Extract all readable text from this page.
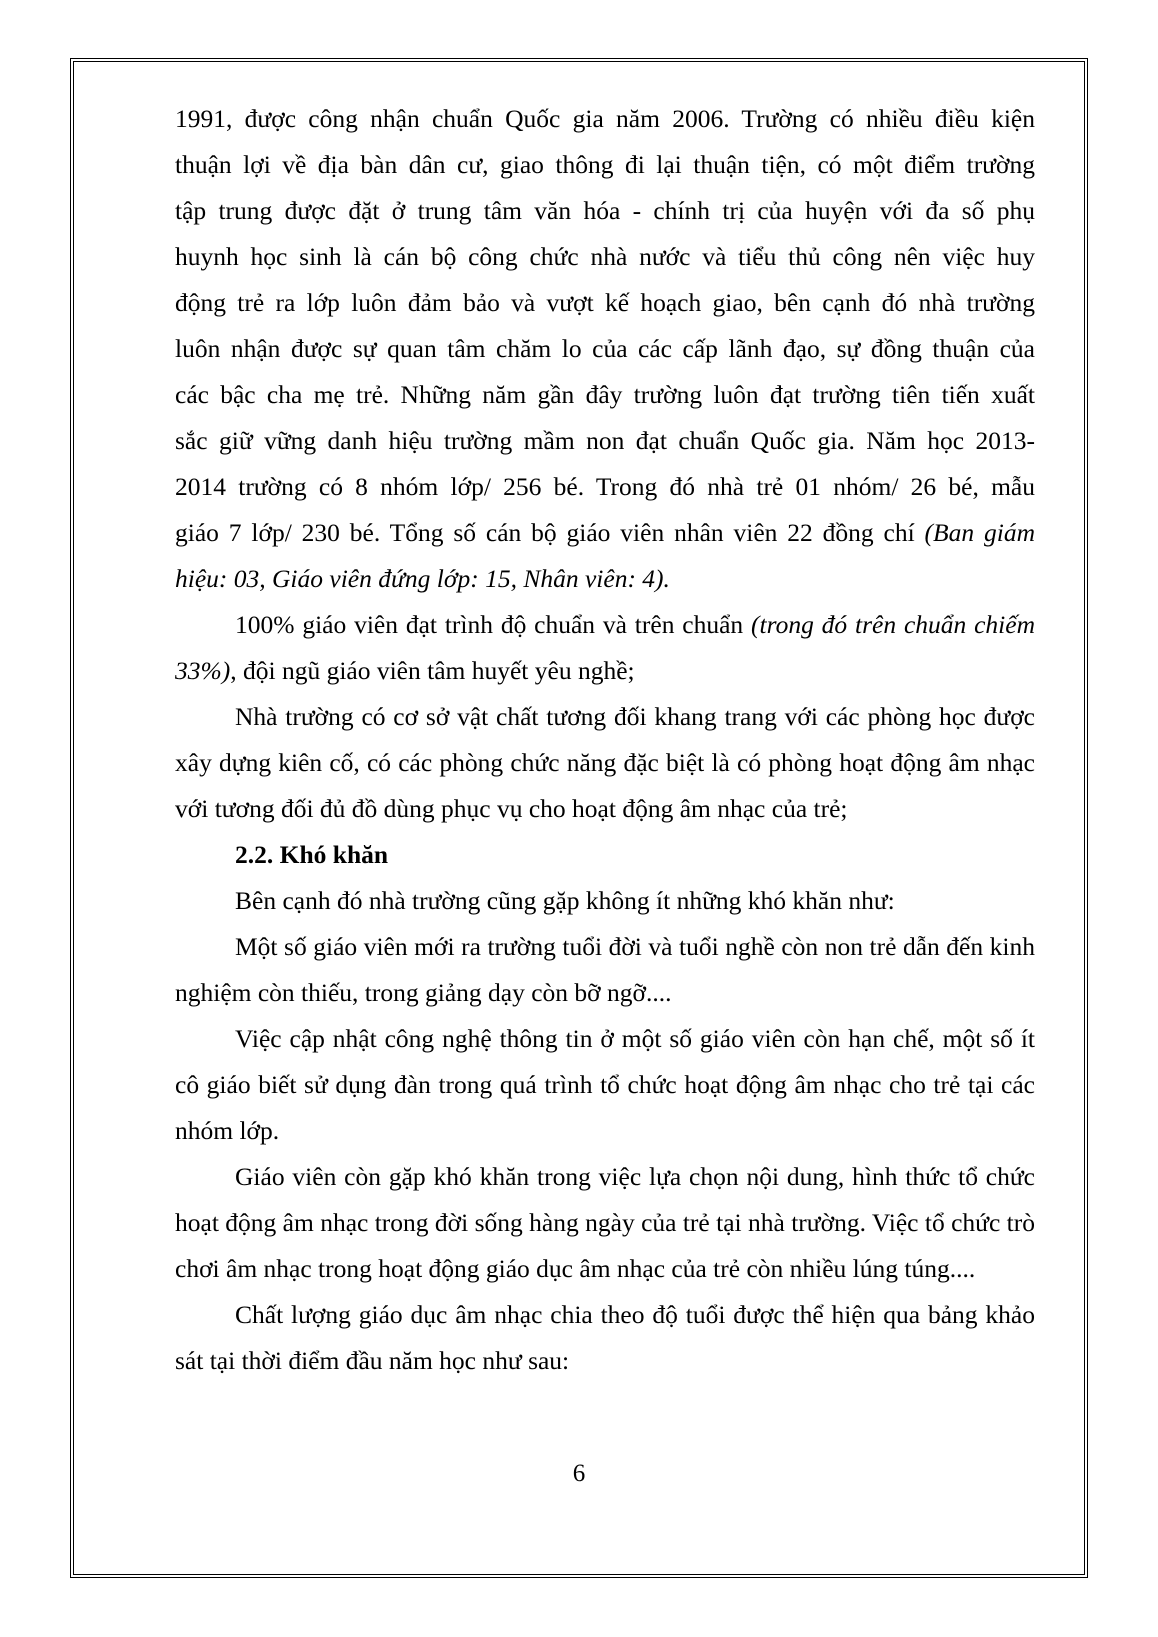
1991, được công nhận chuẩn Quốc gia năm 2006. Trường có nhiều điều kiện
thuận lợi về địa bàn dân cư, giao thông đi lại thuận tiện, có một điểm trường
tập trung được đặt ở trung tâm văn hóa - chính trị của huyện với đa số phụ
huynh học sinh là cán bộ công chức nhà nước và tiểu thủ công nên việc huy
động trẻ ra lớp luôn đảm bảo và vượt kế hoạch giao, bên cạnh đó nhà trường
luôn nhận được sự quan tâm chăm lo của các cấp lãnh đạo, sự đồng thuận của
các bậc cha mẹ trẻ. Những năm gần đây trường luôn đạt trường tiên tiến xuất
sắc giữ vững danh hiệu trường mầm non đạt chuẩn Quốc gia. Năm học 2013-
2014 trường có 8 nhóm lớp/ 256 bé. Trong đó nhà trẻ 01 nhóm/ 26 bé, mẫu
giáo 7 lớp/ 230 bé. Tổng số cán bộ giáo viên nhân viên 22 đồng chí (Ban giám
hiệu: 03, Giáo viên đứng lớp: 15, Nhân viên: 4).

100% giáo viên đạt trình độ chuẩn và trên chuẩn (trong đó trên chuẩn chiếm 33%), đội ngũ giáo viên tâm huyết yêu nghề;

Nhà trường có cơ sở vật chất tương đối khang trang với các phòng học được xây dựng kiên cố, có các phòng chức năng đặc biệt là có phòng hoạt động âm nhạc với tương đối đủ đồ dùng phục vụ cho hoạt động âm nhạc của trẻ;

2.2. Khó khăn

Bên cạnh đó nhà trường cũng gặp không ít những khó khăn như:

Một số giáo viên mới ra trường tuổi đời và tuổi nghề còn non trẻ dẫn đến kinh nghiệm còn thiếu, trong giảng dạy còn bỡ ngỡ....

Việc cập nhật công nghệ thông tin ở một số giáo viên còn hạn chế, một số ít cô giáo biết sử dụng đàn trong quá trình tổ chức hoạt động âm nhạc cho trẻ tại các nhóm lớp.

Giáo viên còn gặp khó khăn trong việc lựa chọn nội dung, hình thức tổ chức hoạt động âm nhạc trong đời sống hàng ngày của trẻ tại nhà trường. Việc tổ chức trò chơi âm nhạc trong hoạt động giáo dục âm nhạc của trẻ còn nhiều lúng túng....

Chất lượng giáo dục âm nhạc chia theo độ tuổi được thể hiện qua bảng khảo sát tại thời điểm đầu năm học như sau:

6
